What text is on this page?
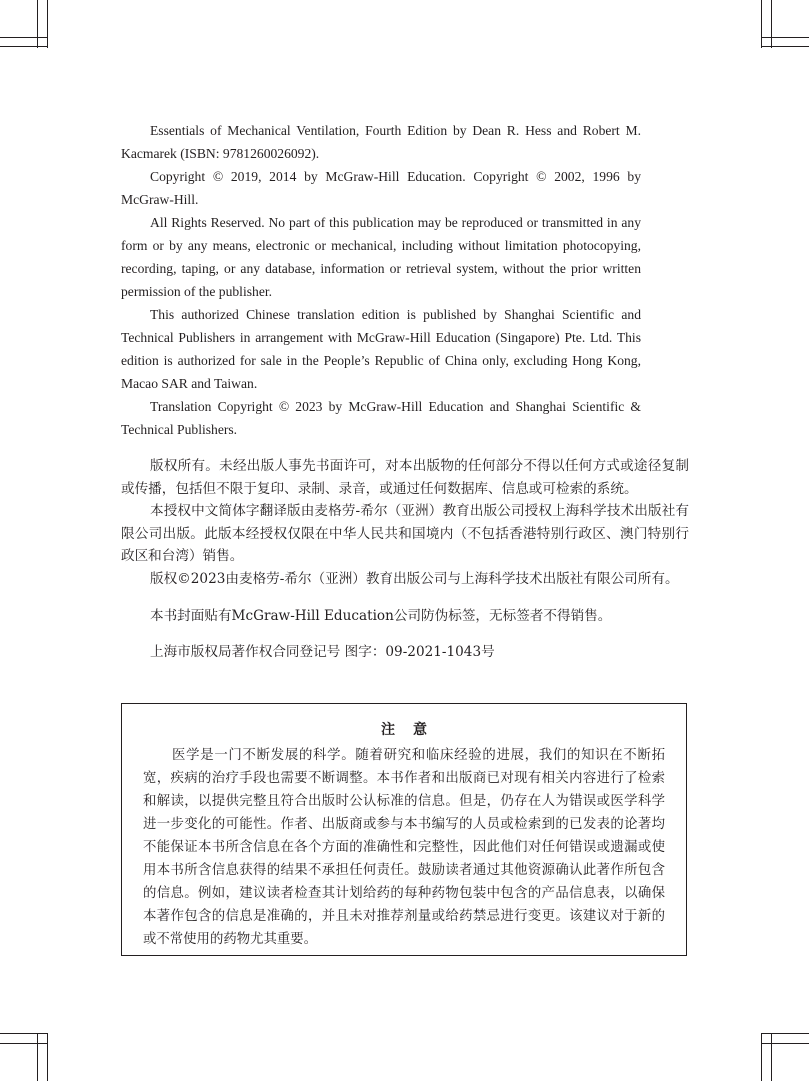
Essentials of Mechanical Ventilation, Fourth Edition by Dean R. Hess and Robert M. Kacmarek (ISBN: 9781260026092).

Copyright © 2019, 2014 by McGraw-Hill Education. Copyright © 2002, 1996 by McGraw-Hill.

All Rights Reserved. No part of this publication may be reproduced or transmitted in any form or by any means, electronic or mechanical, including without limitation photocopying, recording, taping, or any database, information or retrieval system, without the prior written permission of the publisher.

This authorized Chinese translation edition is published by Shanghai Scientific and Technical Publishers in arrangement with McGraw-Hill Education (Singapore) Pte. Ltd. This edition is authorized for sale in the People’s Republic of China only, excluding Hong Kong, Macao SAR and Taiwan.

Translation Copyright © 2023 by McGraw-Hill Education and Shanghai Scientific & Technical Publishers.

版权所有。未经出版人事先书面许可，对本出版物的任何部分不得以任何方式或途径复制或传播，包括但不限于复印、录制、录音，或通过任何数据库、信息或可检索的系统。

本授权中文简体字翻译版由麦格劳-希尔（亚洲）教育出版公司授权上海科学技术出版社有限公司出版。此版本经授权仅限在中华人民共和国境内（不包括香港特别行政区、澳门特别行政区和台湾）销售。

版权©2023由麦格劳-希尔（亚洲）教育出版公司与上海科学技术出版社有限公司所有。

本书封面贴有McGraw-Hill Education公司防伪标签，无标签者不得销售。

上海市版权局著作权合同登记号 图字：09-2021-1043号

注意
医学是一门不断发展的科学。随着研究和临床经验的进展，我们的知识在不断拓宽，疾病的治疗手段也需要不断调整。本书作者和出版商已对现有相关内容进行了检索和解读，以提供完整且符合出版时公认标准的信息。但是，仍存在人为错误或医学科学进一步变化的可能性。作者、出版商或参与本书编写的人员或检索到的已发表的论著均不能保证本书所含信息在各个方面的准确性和完整性，因此他们对任何错误或遗漏或使用本书所含信息获得的结果不承担任何责任。鼓励读者通过其他资源确认此著作所包含的信息。例如，建议读者检查其计划给药的每种药物包装中包含的产品信息表，以确保本著作包含的信息是准确的，并且未对推荐剂量或给药禁忌进行变更。该建议对于新的或不常使用的药物尤其重要。
